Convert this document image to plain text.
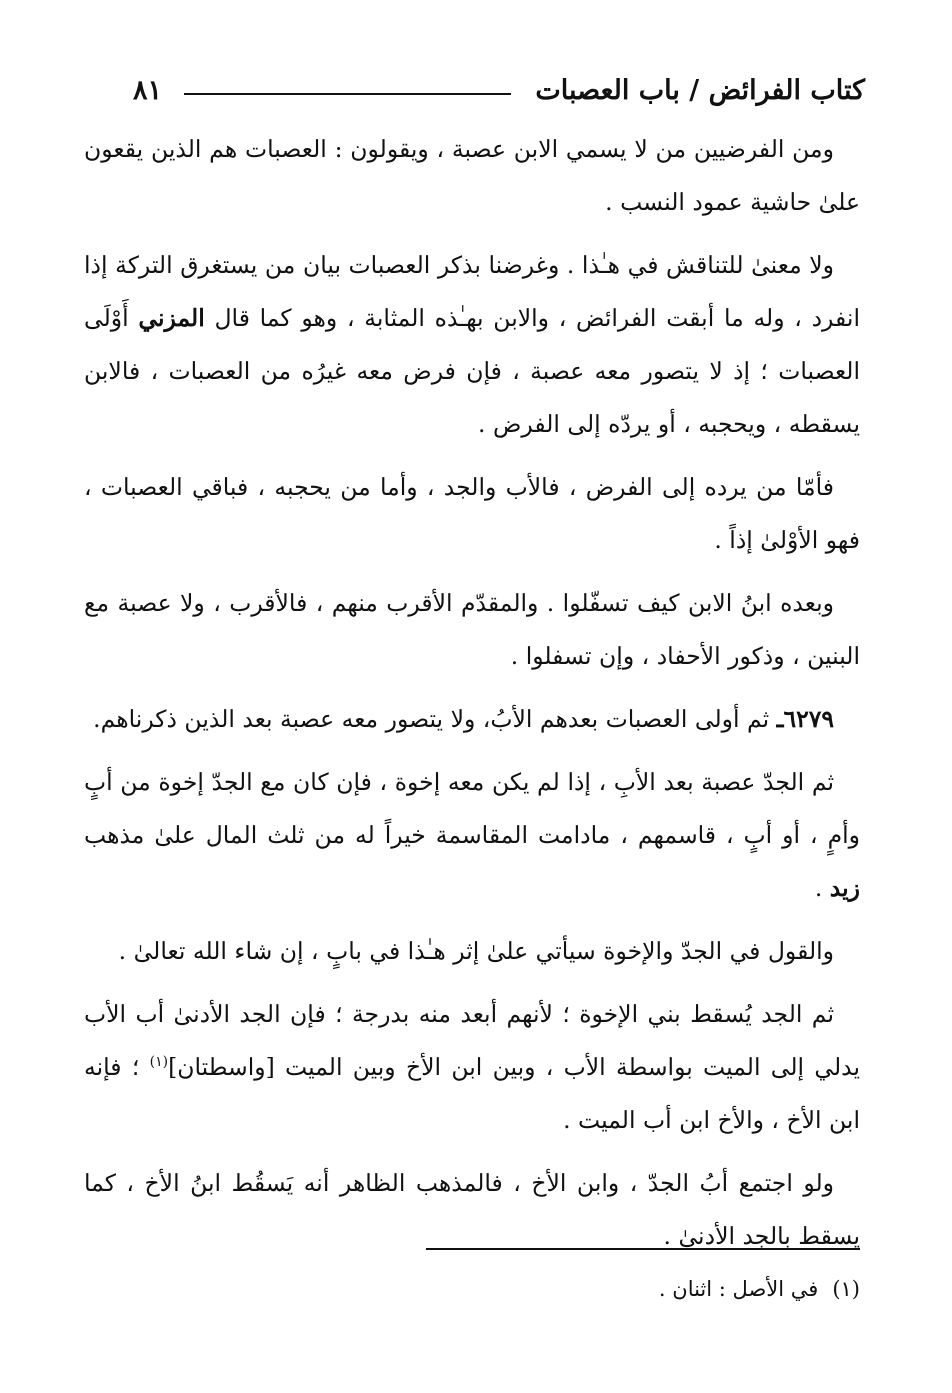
كتاب الفرائض / باب العصبات
٨١

ومن الفرضيين من لا يسمي الابن عصبة ، ويقولون : العصبات هم الذين يقعون علىٰ حاشية عمود النسب .

ولا معنىٰ للتناقش في هـٰذا . وغرضنا بذكر العصبات بيان من يستغرق التركة إذا انفرد ، وله ما أبقت الفرائض ، والابن بهـٰذه المثابة ، وهو كما قال المزني أَوْلَى العصبات ؛ إذ لا يتصور معه عصبة ، فإن فرض معه غيرُه من العصبات ، فالابن يسقطه ، ويحجبه ، أو يردّه إلى الفرض .

فأمّا من يرده إلى الفرض ، فالأب والجد ، وأما من يحجبه ، فباقي العصبات ، فهو الأوْلىٰ إذاً .

وبعده ابنُ الابن كيف تسفّلوا . والمقدّم الأقرب منهم ، فالأقرب ، ولا عصبة مع البنين ، وذكور الأحفاد ، وإن تسفلوا .

٦٢٧٩ـ ثم أولى العصبات بعدهم الأبُ، ولا يتصور معه عصبة بعد الذين ذكرناهم.

ثم الجدّ عصبة بعد الأبِ ، إذا لم يكن معه إخوة ، فإن كان مع الجدّ إخوة من أبٍ وأمٍ ، أو أبٍ ، قاسمهم ، مادامت المقاسمة خيراً له من ثلث المال علىٰ مذهب زيد .

والقول في الجدّ والإخوة سيأتي علىٰ إثر هـٰذا في بابٍ ، إن شاء الله تعالىٰ .

ثم الجد يُسقط بني الإخوة ؛ لأنهم أبعد منه بدرجة ؛ فإن الجد الأدنىٰ أب الأب يدلي إلى الميت بواسطة الأب ، وبين ابن الأخ وبين الميت [واسطتان]$^{(١)}$ ؛ فإنه ابن الأخ ، والأخ ابن أب الميت .

ولو اجتمع أبُ الجدّ ، وابن الأخ ، فالمذهب الظاهر أنه يَسقُط ابنُ الأخ ، كما يسقط بالجد الأدنىٰ .

(١)في الأصل : اثنان .
